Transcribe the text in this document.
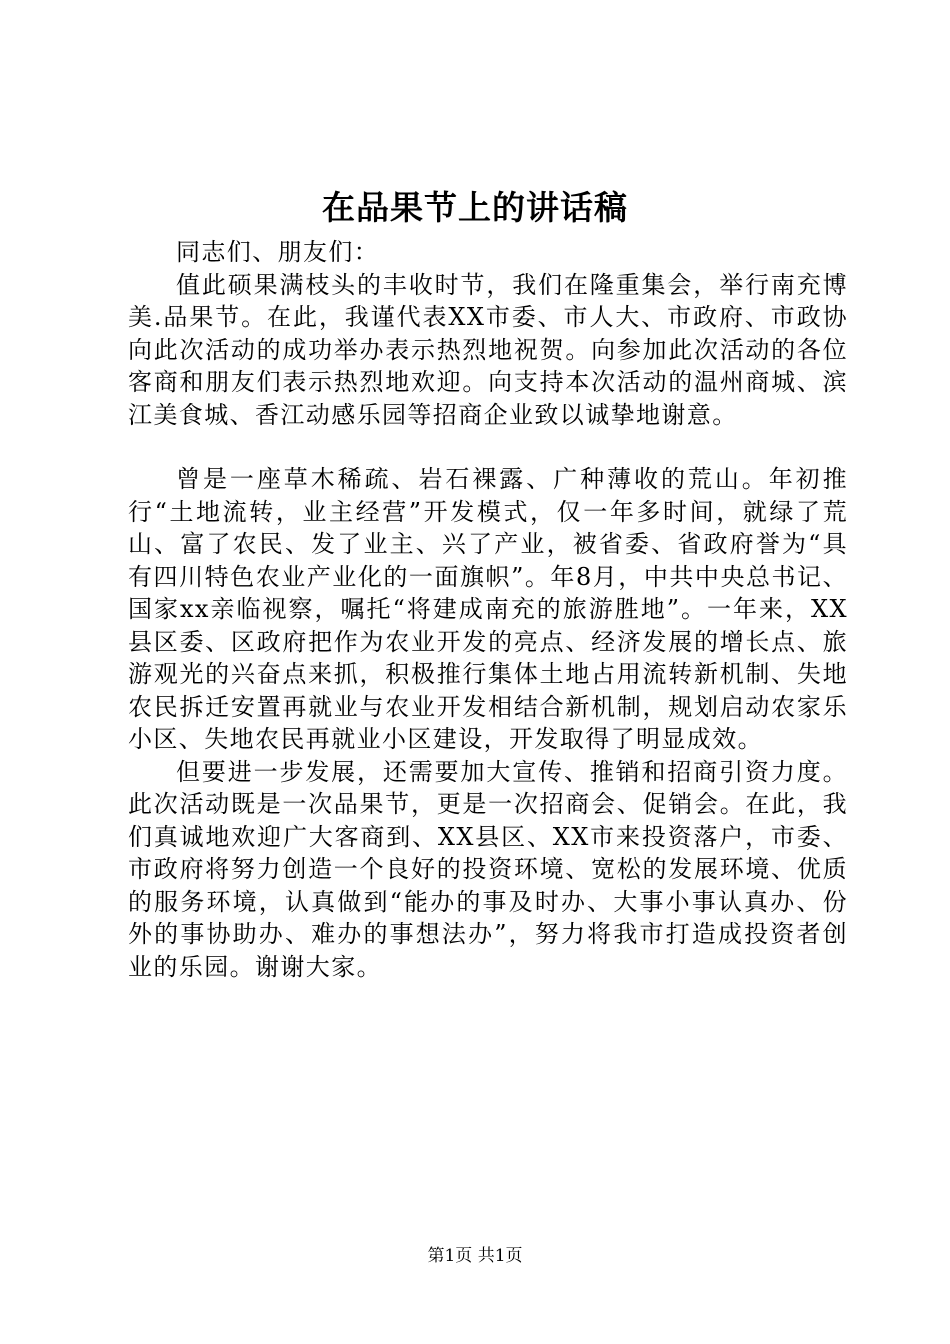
在品果节上的讲话稿

同志们、朋友们：

值此硕果满枝头的丰收时节，我们在隆重集会，举行南充博美.品果节。在此，我谨代表XX市委、市人大、市政府、市政协向此次活动的成功举办表示热烈地祝贺。向参加此次活动的各位客商和朋友们表示热烈地欢迎。向支持本次活动的温州商城、滨江美食城、香江动感乐园等招商企业致以诚挚地谢意。

曾是一座草木稀疏、岩石裸露、广种薄收的荒山。年初推行“土地流转，业主经营”开发模式，仅一年多时间，就绿了荒山、富了农民、发了业主、兴了产业，被省委、省政府誉为“具有四川特色农业产业化的一面旗帜”。年8月，中共中央总书记、国家xx亲临视察，嘱托“将建成南充的旅游胜地”。一年来，XX县区委、区政府把作为农业开发的亮点、经济发展的增长点、旅游观光的兴奋点来抓，积极推行集体土地占用流转新机制、失地农民拆迁安置再就业与农业开发相结合新机制，规划启动农家乐小区、失地农民再就业小区建设，开发取得了明显成效。

但要进一步发展，还需要加大宣传、推销和招商引资力度。此次活动既是一次品果节，更是一次招商会、促销会。在此，我们真诚地欢迎广大客商到、XX县区、XX市来投资落户，市委、市政府将努力创造一个良好的投资环境、宽松的发展环境、优质的服务环境，认真做到“能办的事及时办、大事小事认真办、份外的事协助办、难办的事想法办”，努力将我市打造成投资者创业的乐园。谢谢大家。

第1页 共1页
